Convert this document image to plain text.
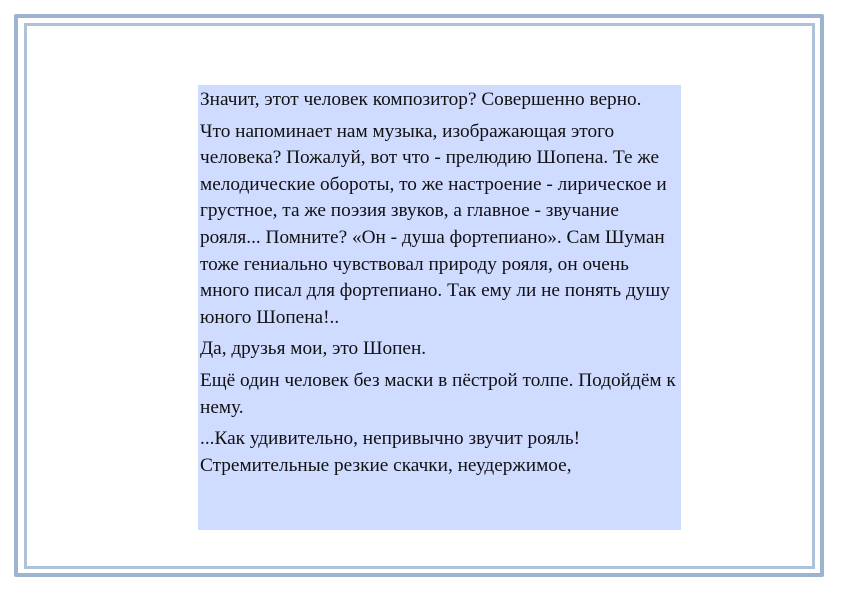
Значит, этот человек композитор? Совершенно верно.

Что напоминает нам музыка, изображающая этого человека? Пожалуй, вот что - прелюдию Шопена. Те же мелодические обороты, то же настроение - лирическое и грустное, та же поэзия звуков, а главное - звучание рояля... Помните? «Он - душа фортепиано». Сам Шуман тоже гениально чувствовал природу рояля, он очень много писал для фортепиано. Так ему ли не понять душу юного Шопена!..

Да, друзья мои, это Шопен.

Ещё один человек без маски в пёстрой толпе. Подойдём к нему.

...Как удивительно, непривычно звучит рояль! Стремительные резкие скачки, неудержимое,
